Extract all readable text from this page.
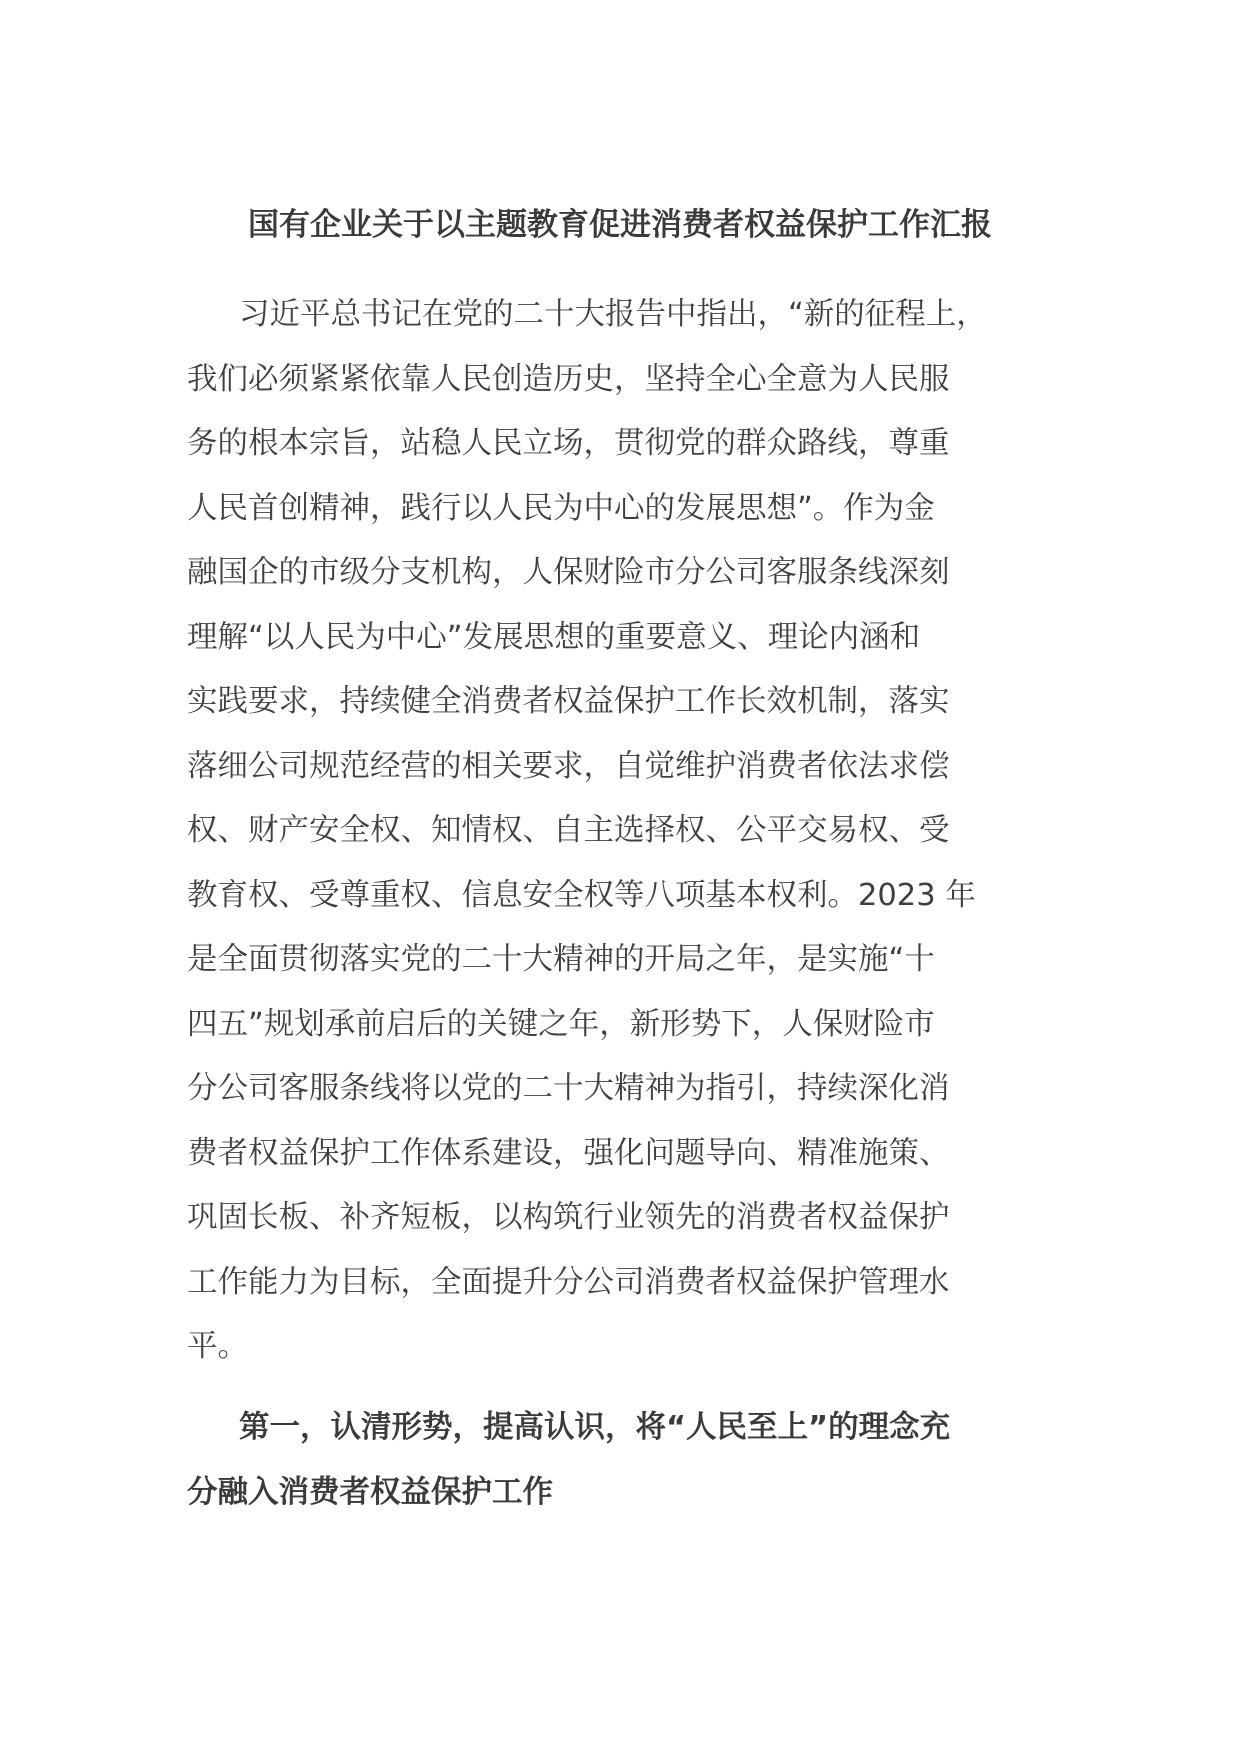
国有企业关于以主题教育促进消费者权益保护工作汇报
习近平总书记在党的二十大报告中指出，“新的征程上，
我们必须紧紧依靠人民创造历史，坚持全心全意为人民服
务的根本宗旨，站稳人民立场，贯彻党的群众路线，尊重
人民首创精神，践行以人民为中心的发展思想”。作为金
融国企的市级分支机构，人保财险市分公司客服条线深刻
理解“以人民为中心”发展思想的重要意义、理论内涵和
实践要求，持续健全消费者权益保护工作长效机制，落实
落细公司规范经营的相关要求，自觉维护消费者依法求偿
权、财产安全权、知情权、自主选择权、公平交易权、受
教育权、受尊重权、信息安全权等八项基本权利。2023 年
是全面贯彻落实党的二十大精神的开局之年，是实施“十
四五”规划承前启后的关键之年，新形势下，人保财险市
分公司客服条线将以党的二十大精神为指引，持续深化消
费者权益保护工作体系建设，强化问题导向、精准施策、
巩固长板、补齐短板，以构筑行业领先的消费者权益保护
工作能力为目标，全面提升分公司消费者权益保护管理水
平。
第一，认清形势，提高认识，将“人民至上”的理念充
分融入消费者权益保护工作
